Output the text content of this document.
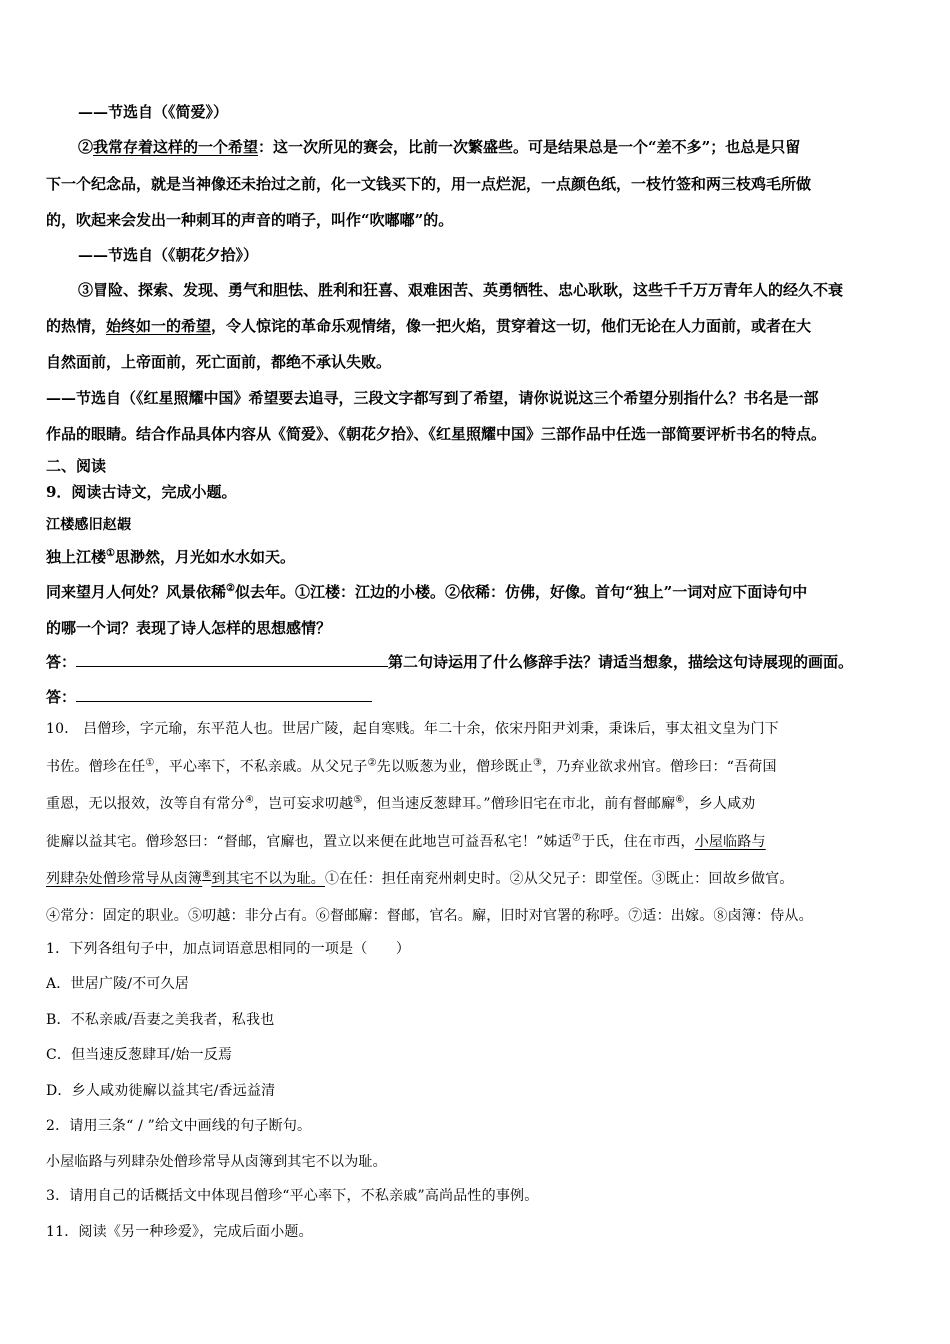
——节选自（《简爱》）
②我常存着这样的一个希望：这一次所见的赛会，比前一次繁盛些。可是结果总是一个“差不多”；也总是只留
下一个纪念品，就是当神像还未抬过之前，化一文钱买下的，用一点烂泥，一点颜色纸，一枝竹签和两三枝鸡毛所做
的，吹起来会发出一种刺耳的声音的哨子，叫作“吹嘟嘟”的。
——节选自（《朝花夕拾》）
③冒险、探索、发现、勇气和胆怯、胜利和狂喜、艰难困苦、英勇牺牲、忠心耿耿，这些千千万万青年人的经久不衰
的热情，始终如一的希望，令人惊诧的革命乐观情绪，像一把火焰，贯穿着这一切，他们无论在人力面前，或者在大
自然面前，上帝面前，死亡面前，都绝不承认失败。
——节选自（《红星照耀中国》希望要去追寻，三段文字都写到了希望，请你说说这三个希望分别指什么？书名是一部
作品的眼睛。结合作品具体内容从《简爱》、《朝花夕拾》、《红星照耀中国》三部作品中任选一部简要评析书名的特点。
二、阅读
9．阅读古诗文，完成小题。
江楼感旧赵嘏
独上江楼①思渺然，月光如水水如天。
同来望月人何处？风景依稀②似去年。①江楼：江边的小楼。②依稀：仿佛，好像。首句“独上”一词对应下面诗句中
的哪一个词？表现了诗人怎样的思想感情？
答：	第二句诗运用了什么修辞手法？请适当想象，描绘这句诗展现的画面。
答：
10． 吕僧珍，字元瑜，东平范人也。世居广陵，起自寒贱。年二十余，依宋丹阳尹刘秉，秉诛后，事太祖文皇为门下
书佐。僧珍在任①，平心率下，不私亲戚。从父兄子②先以贩葱为业，僧珍既止③，乃弃业欲求州官。僧珍曰：“吾荷国
重恩，无以报效，汝等自有常分④，岂可妄求叨越⑤，但当速反葱肆耳。”僧珍旧宅在市北，前有督邮廨⑥，乡人咸劝
徙廨以益其宅。僧珍怒曰：“督邮，官廨也，置立以来便在此地岂可益吾私宅！”姊适⑦于氏，住在市西，小屋临路与
列肆杂处僧珍常导从卤簿⑧到其宅不以为耻。①在任：担任南兖州刺史时。②从父兄子：即堂侄。③既止：回故乡做官。
④常分：固定的职业。⑤叨越：非分占有。⑥督邮廨：督邮，官名。廨，旧时对官署的称呼。⑦适：出嫁。⑧卤簿：侍从。
1．下列各组句子中，加点词语意思相同的一项是（　　）
A．世居广陵/不可久居
B．不私亲戚/吾妻之美我者，私我也
C．但当速反葱肆耳/始一反焉
D．乡人咸劝徙廨以益其宅/香远益清
2．请用三条“ / ”给文中画线的句子断句。
小屋临路与列肆杂处僧珍常导从卤簿到其宅不以为耻。
3．请用自己的话概括文中体现吕僧珍“平心率下，不私亲戚”高尚品性的事例。
11．阅读《另一种珍爱》，完成后面小题。
